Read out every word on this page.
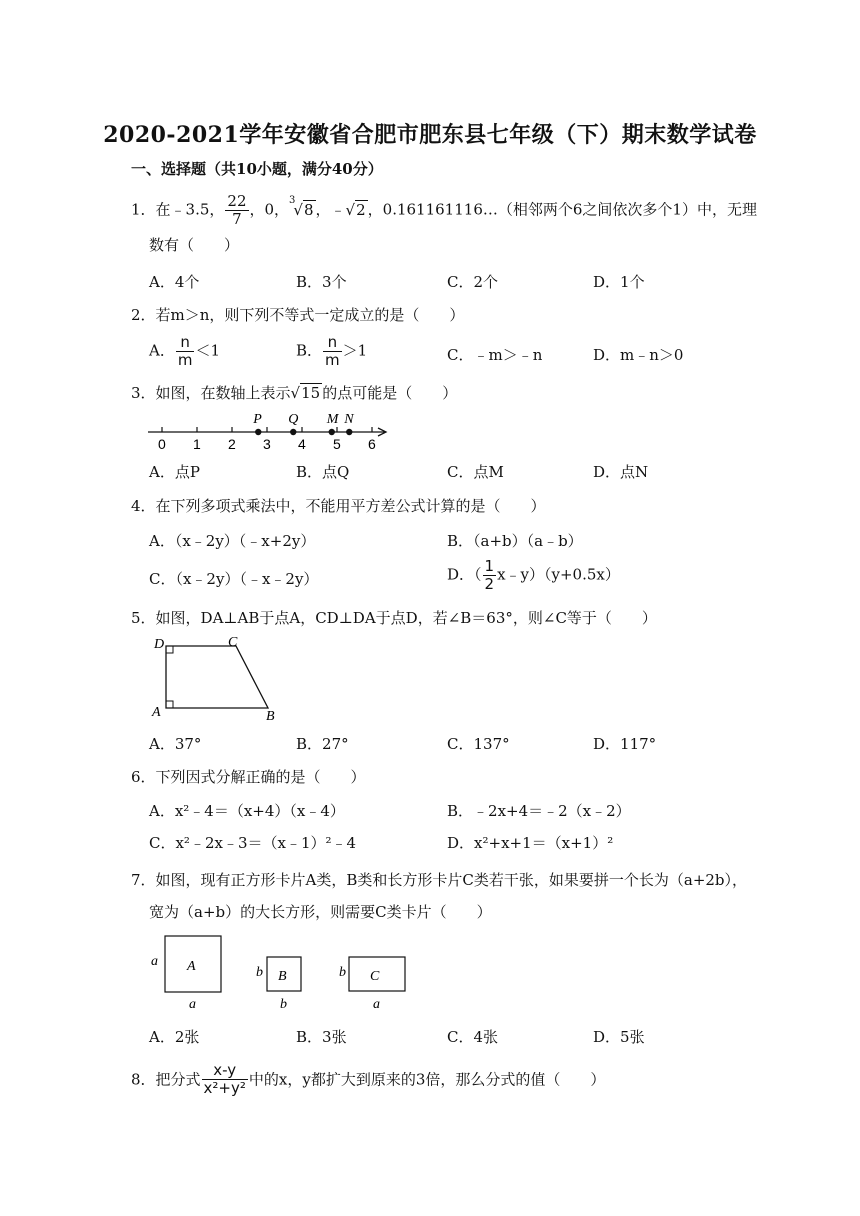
2020-2021学年安徽省合肥市肥东县七年级（下）期末数学试卷
一、选择题（共10小题，满分40分）
1．在﹣3.5， $\frac{22}{7}$ ，0，$^3$√8 ，﹣√2 ，0.161161116…（相邻两个6之间依次多个1）中，无理
数有（　　）
A．4个	B．3个	C．2个	D．1个
2．若m＞n，则下列不等式一定成立的是（　　）
A． $\frac{n}{m} <1$	B． $\frac{n}{m} >1$	C．﹣m＞﹣n	D．m﹣n＞0
3．如图，在数轴上表示√15 的点可能是（　　）
0 1 2 3 4 5 6
P Q M N
A．点P	B．点Q	C．点M	D．点N
4．在下列多项式乘法中，不能用平方差公式计算的是（　　）
A．（x﹣2y）（﹣x+2y）	B．（a+b）（a﹣b）
C．（x﹣2y）（﹣x﹣2y）	D．（ $\frac{1}{2}$ x﹣y）（y+0.5x）
5．如图，DA⊥AB于点A，CD⊥DA于点D，若∠B＝63°，则∠C等于（　　）
D	C
A	B
A．37°	B．27°	C．137°	D．117°
6．下列因式分解正确的是（　　）
A．x²﹣4＝（x+4）（x﹣4）	B．﹣2x+4＝﹣2（x﹣2）
C．x²﹣2x﹣3＝（x﹣1）²﹣4	D．x²+x+1＝（x+1）²
7．如图，现有正方形卡片A类，B类和长方形卡片C类若干张，如果要拼一个长为（a+2b），
宽为（a+b）的大长方形，则需要C类卡片（　　）
A
a
a
B
b
b
C
b
a
A．2张	B．3张	C．4张	D．5张
8．把分式 $\frac{x-y}{\text{x²+y²}}$ 中的x，y都扩大到原来的3倍，那么分式的值（　　）
